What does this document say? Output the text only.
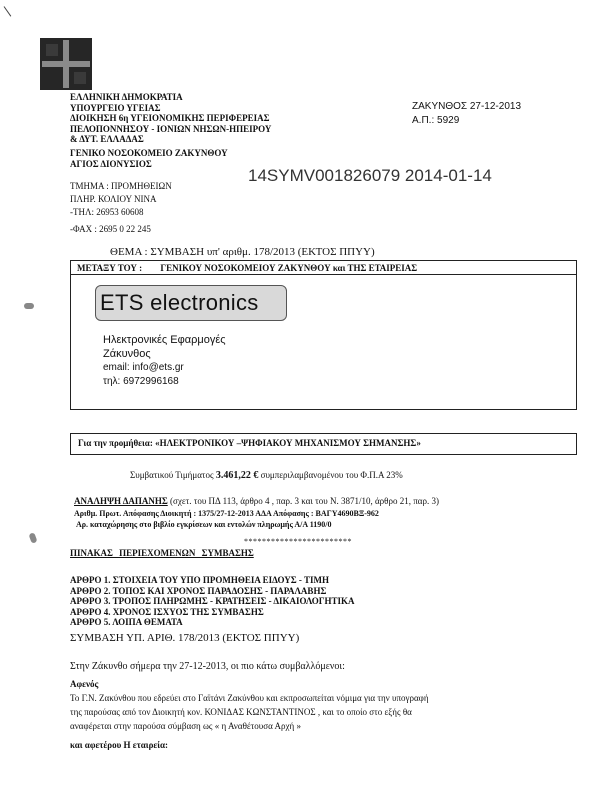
ΕΛΛΗΝΙΚΗ ΔΗΜΟΚΡΑΤΙΑ
ΥΠΟΥΡΓΕΙΟ ΥΓΕΙΑΣ
ΔΙΟΙΚΗΣΗ 6η ΥΓΕΙΟΝΟΜΙΚΗΣ ΠΕΡΙΦΕΡΕΙΑΣ
ΠΕΛΟΠΟΝΝΗΣΟΥ - ΙΟΝΙΩΝ ΝΗΣΩΝ-ΗΠΕΙΡΟΥ
& ΔΥΤ. ΕΛΛΑΔΑΣ
ΓΕΝΙΚΟ ΝΟΣΟΚΟΜΕΙΟ ΖΑΚΥΝΘΟΥ
ΑΓΙΟΣ ΔΙΟΝΥΣΙΟΣ
ΤΜΗΜΑ : ΠΡΟΜΗΘΕΙΩΝ
ΠΛΗΡ. ΚΟΛΙΟΥ ΝΙΝΑ
-ΤΗΛ: 26953 60608
-ΦΑΧ : 2695 0 22 245
ΖΑΚΥΝΘΟΣ 27-12-2013
Α.Π.: 5929
14SYMV001826079 2014-01-14
ΘΕΜΑ : ΣΥΜΒΑΣΗ υπ' αριθμ. 178/2013 (ΕΚΤΟΣ ΠΠΥΥ)
ΜΕΤΑΞΥ ΤΟΥ : ΓΕΝΙΚΟΥ ΝΟΣΟΚΟΜΕΙΟΥ ΖΑΚΥΝΘΟΥ και ΤΗΣ ΕΤΑΙΡΕΙΑΣ
ETS electronics
Ηλεκτρονικές Εφαρμογές
Ζάκυνθος
email: info@ets.gr
τηλ: 6972996168
Για την προμήθεια: «ΗΛΕΚΤΡΟΝΙΚΟΥ –ΨΗΦΙΑΚΟΥ ΜΗΧΑΝΙΣΜΟΥ ΣΗΜΑΝΣΗΣ»
Συμβατικού Τιμήματος 3.461,22 € συμπεριλαμβανομένου του Φ.Π.Α 23%
ΑΝΑΛΗΨΗ ΔΑΠΑΝΗΣ (σχετ. του ΠΔ 113, άρθρο 4 , παρ. 3 και του Ν. 3871/10, άρθρο 21, παρ. 3)
Αριθμ. Πρωτ. Απόφασης Διοικητή : 1375/27-12-2013 ΑΔΑ Απόφασης : ΒΑΓΥ4690ΒΞ-962
Αρ. καταχώρησης στο βιβλίο εγκρίσεων και εντολών πληρωμής Α/Α 1190/0
************************
ΠΙΝΑΚΑΣ ΠΕΡΙΕΧΟΜΕΝΩΝ ΣΥΜΒΑΣΗΣ
ΑΡΘΡΟ 1. ΣΤΟΙΧΕΙΑ ΤΟΥ ΥΠΟ ΠΡΟΜΗΘΕΙΑ ΕΙΔΟΥΣ - ΤΙΜΗ
ΑΡΘΡΟ 2. ΤΟΠΟΣ ΚΑΙ ΧΡΟΝΟΣ ΠΑΡΑΔΟΣΗΣ - ΠΑΡΑΛΑΒΗΣ
ΑΡΘΡΟ 3. ΤΡΟΠΟΣ ΠΛΗΡΩΜΗΣ - ΚΡΑΤΗΣΕΙΣ - ΔΙΚΑΙΟΛΟΓΗΤΙΚΑ
ΑΡΘΡΟ 4. ΧΡΟΝΟΣ ΙΣΧΥΟΣ ΤΗΣ ΣΥΜΒΑΣΗΣ
ΑΡΘΡΟ 5. ΛΟΙΠΑ ΘΕΜΑΤΑ
ΣΥΜΒΑΣΗ ΥΠ. ΑΡΙΘ. 178/2013 (ΕΚΤΟΣ ΠΠΥΥ)
Στην Ζάκυνθο σήμερα την 27-12-2013, οι πιο κάτω συμβαλλόμενοι:
Αφενός
Το Γ.Ν. Ζακύνθου που εδρεύει στο Γαϊτάνι Ζακύνθου και εκπροσωπείται νόμιμα για την υπογραφή
της παρούσας από τον Διοικητή κον. ΚΟΝΙΔΑΣ ΚΩΝΣΤΑΝΤΙΝΟΣ , και το οποίο στο εξής θα
αναφέρεται στην παρούσα σύμβαση ως « η Αναθέτουσα Αρχή »
και αφετέρου Η εταιρεία:
